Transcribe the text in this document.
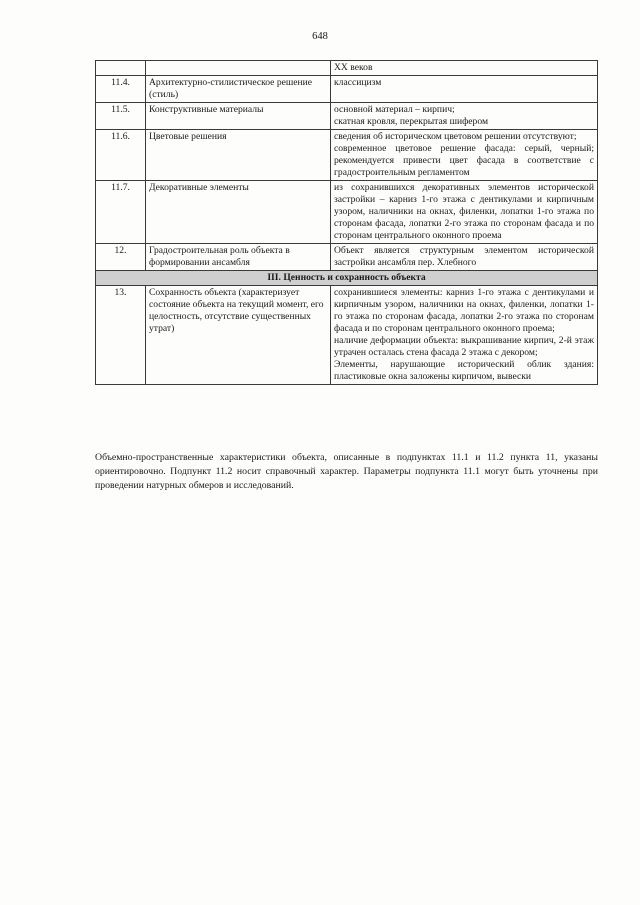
648

		XX веков

11.4.	Архитектурно-стилистическое решение (стиль)	классицизм

11.5.	Конструктивные материалы	основной материал – кирпич;
скатная кровля, перекрытая шифером

11.6.	Цветовые решения	сведения об историческом цветовом решении отсутствуют;
современное цветовое решение фасада: серый, черный; рекомендуется привести цвет фасада в соответствие с градостроительным регламентом

11.7.	Декоративные элементы	из сохранившихся декоративных элементов исторической застройки – карниз 1-го этажа с дентикулами и кирпичным узором, наличники на окнах, филенки, лопатки 1-го этажа по сторонам фасада, лопатки 2-го этажа по сторонам фасада и по сторонам центрального оконного проема

12.	Градостроительная роль объекта в формировании ансамбля	Объект является структурным элементом исторической застройки ансамбля пер. Хлебного

III. Ценность и сохранность объекта		
13.	Сохранность объекта (характеризует состояние объекта на текущий момент, его целостность, отсутствие существенных утрат)	сохранившиеся элементы: карниз 1-го этажа с дентикулами и кирпичным узором, наличники на окнах, филенки, лопатки 1-го этажа по сторонам фасада, лопатки 2-го этажа по сторонам фасада и по сторонам центрального оконного проема;
наличие деформации объекта: выкрашивание кирпич, 2-й этаж утрачен осталась стена фасада 2 этажа с декором;
Элементы, нарушающие исторический облик здания: пластиковые окна заложены кирпичом, вывески

Объемно-пространственные характеристики объекта, описанные в подпунктах 11.1 и 11.2 пункта 11, указаны ориентировочно. Подпункт 11.2 носит справочный характер. Параметры подпункта 11.1 могут быть уточнены при проведении натурных обмеров и исследований.
